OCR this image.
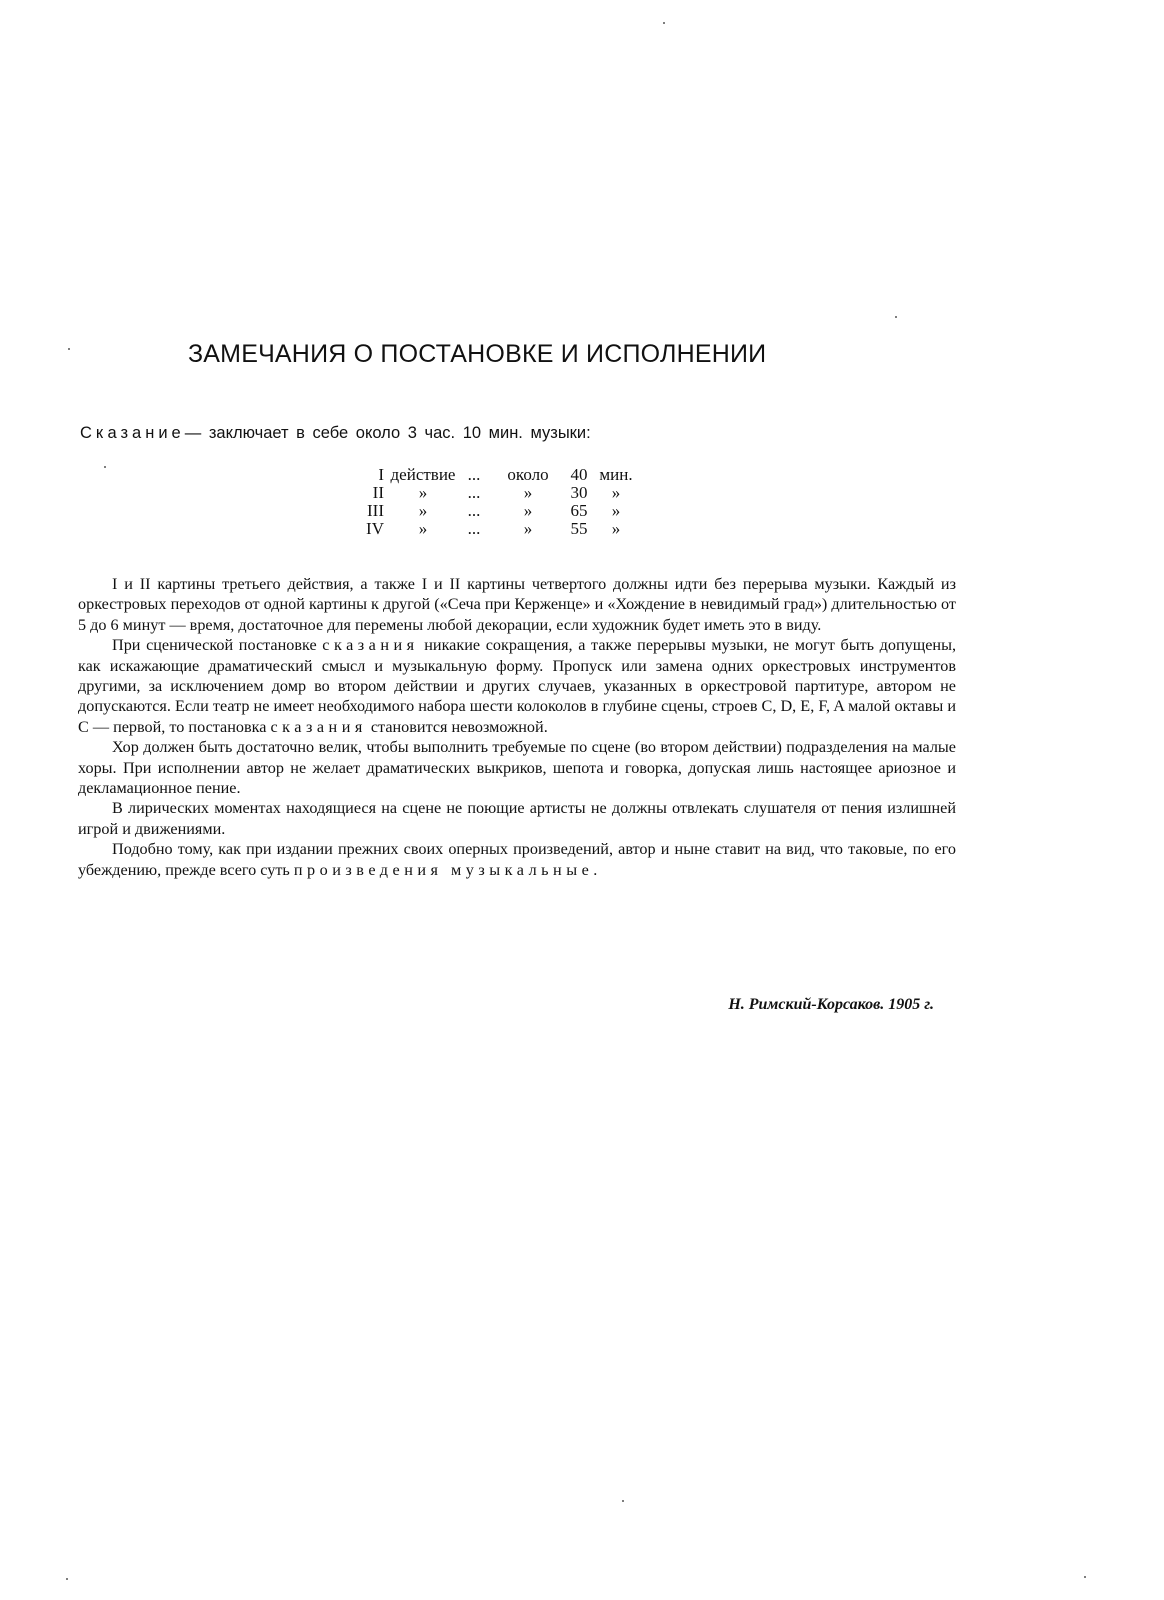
ЗАМЕЧАНИЯ О ПОСТАНОВКЕ И ИСПОЛНЕНИИ
Сказание— заключает в себе около 3 час. 10 мин. музыки:
I	действие	...	около	40	мин.
II	»	...	»	30	»
III	»	...	»	65	»
IV	»	...	»	55	»

I и II картины третьего действия, а также I и II картины четвертого должны идти без перерыва музыки. Каждый из оркестровых переходов от одной картины к другой («Сеча при Керженце» и «Хождение в невидимый град») длительностью от 5 до 6 минут — время, достаточное для перемены любой декорации, если художник будет иметь это в виду.

При сценической постановке сказания никакие сокращения, а также перерывы музыки, не могут быть допущены, как искажающие драматический смысл и музыкальную форму. Пропуск или замена одних оркестровых инструментов другими, за исключением домр во втором действии и других случаев, указанных в оркестровой партитуре, автором не допускаются. Если театр не имеет необходимого набора шести колоколов в глубине сцены, строев C, D, E, F, A малой октавы и C — первой, то постановка сказания становится невозможной.

Хор должен быть достаточно велик, чтобы выполнить требуемые по сцене (во втором действии) подразделения на малые хоры. При исполнении автор не желает драматических выкриков, шепота и говорка, допуская лишь настоящее ариозное и декламационное пение.

В лирических моментах находящиеся на сцене не поющие артисты не должны отвлекать слушателя от пения излишней игрой и движениями.

Подобно тому, как при издании прежних своих оперных произведений, автор и ныне ставит на вид, что таковые, по его убеждению, прежде всего суть произведения музыкальные.

Н. Римский-Корсаков. 1905 г.
